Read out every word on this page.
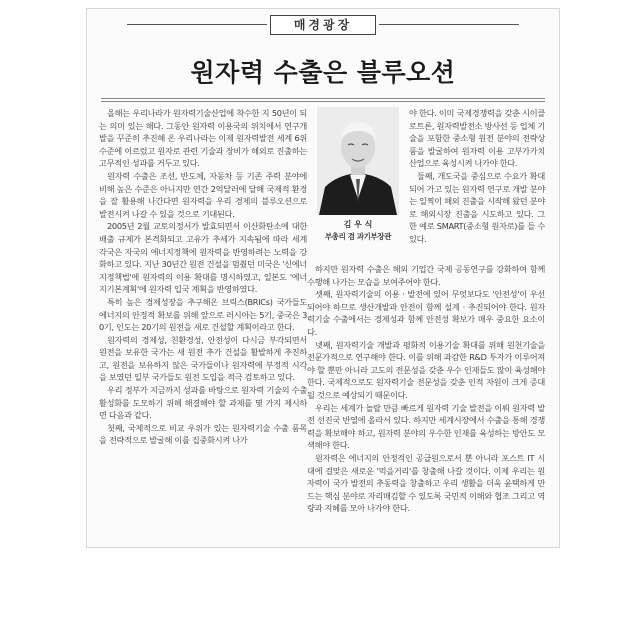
매경광장
원자력 수출은 블루오션

올해는 우리나라가 원자력기술산업에 착수한 지 50년이 되는 의미 있는 해다. 그동안 원자력 이용국의 위치에서 연구개발을 꾸준히 추진해 온 우리나라는 이제 원자력발전 세계 6위 수준에 이르렀고 원자로 관련 기술과 장비가 해외로 진출하는 고무적인 성과를 거두고 있다.

원자력 수출은 조선, 반도체, 자동차 등 기존 주력 분야에 비해 높은 수준은 아니지만 연간 2억달러에 달해 국제적 환경을 잘 활용해 나간다면 원자력을 우리 경제의 블루오션으로 발전시켜 나갈 수 있을 것으로 기대된다.

2005년 2월 교토의정서가 발효되면서 이산화탄소에 대한 배출 규제가 본격화되고 고유가 추세가 지속됨에 따라 세계 각국은 자국의 에너지정책에 원자력을 반영하려는 노력을 강화하고 있다. 지난 30년간 원전 건설을 멈췄던 미국은 '신에너지정책법'에 원자력의 이용 확대를 명시하였고, 일본도 '에너지기본계획'에 원자력 입국 계획을 반영하였다.

특히 높은 경제성장을 추구해온 브릭스(BRICs) 국가들도 에너지의 안정적 확보를 위해 앞으로 러시아는 5기, 중국은 30기, 인도는 20기의 원전을 새로 건설할 계획이라고 한다.

원자력의 경제성, 친환경성, 안전성이 다시금 부각되면서 원전을 보유한 국가는 새 원전 추가 건설을 활발하게 추진하고, 원전을 보유하지 않은 국가들이나 원자력에 부정적 시각을 보였던 일부 국가들도 원전 도입을 적극 검토하고 있다.

우리 정부가 지금까지 성과를 바탕으로 원자력 기술의 수출 활성화를 도모하기 위해 해결해야 할 과제를 몇 가지 제시하면 다음과 같다.

첫째, 국제적으로 비교 우위가 있는 원자력기술 수출 품목을 전략적으로 발굴해 이를 집중화시켜 나가

김 우 식
부총리 겸 과기부장관

야 한다. 이미 국제경쟁력을 갖춘 시이클로트론, 원자력발전소 방사선 등 업체 기술을 포함한 중소형 원전 분야의 전략상품을 발굴하여 원자력 이용 고부가가치 산업으로 육성시켜 나가야 한다.

둘째, 개도국을 중심으로 수요가 확대되어 가고 있는 원자력 연구로 개발 분야는 일찍이 해외 진출을 시작해 왔던 분야로 해외시장 진출을 시도하고 있다. 그 한 예로 SMART(중소형 원자로)를 들 수 있다.

하지만 원자력 수출은 해외 기업간 국제 공동연구를 강화하여 함께 수행해 나가는 모습을 보여주어야 한다.

셋째, 원자력기술의 이용 · 발전에 있어 무엇보다도 '안전성'이 우선되어야 하므로 생산개발과 안전이 함께 설계 · 추진되어야 한다. 원자력기술 수출에서는 경제성과 함께 안전성 확보가 매우 중요한 요소이다.

넷째, 원자력기술 개발과 평화적 이용기술 확대를 위해 원천기술을 전문가적으로 연구해야 한다. 이를 위해 과감한 R&D 투자가 이루어져야 할 뿐만 아니라 고도의 전문성을 갖춘 우수 인재들도 많이 육성해야 한다. 국제적으로도 원자력기술 전문성을 갖춘 인적 자원이 크게 증대될 것으로 예상되기 때문이다.

우리는 세계가 놀랄 만큼 빠르게 원자력 기술 발전을 이뤄 원자력 발전 선진국 반열에 올라서 있다. 하지만 세계시장에서 수출을 통해 경쟁력을 확보해야 하고, 원자력 분야의 우수한 인재를 육성하는 방안도 모색해야 한다.

원자력은 에너지의 안정적인 공급원으로서 뿐 아니라 포스트 IT 시대에 걸맞은 새로운 '먹을거리'를 창출해 나갈 것이다. 이제 우리는 원자력이 국가 발전의 추동력을 창출하고 우리 생활을 더욱 윤택하게 만드는 핵심 분야로 자리매김할 수 있도록 국민적 이해와 협조 그리고 역량과 지혜를 모아 나가야 한다.
